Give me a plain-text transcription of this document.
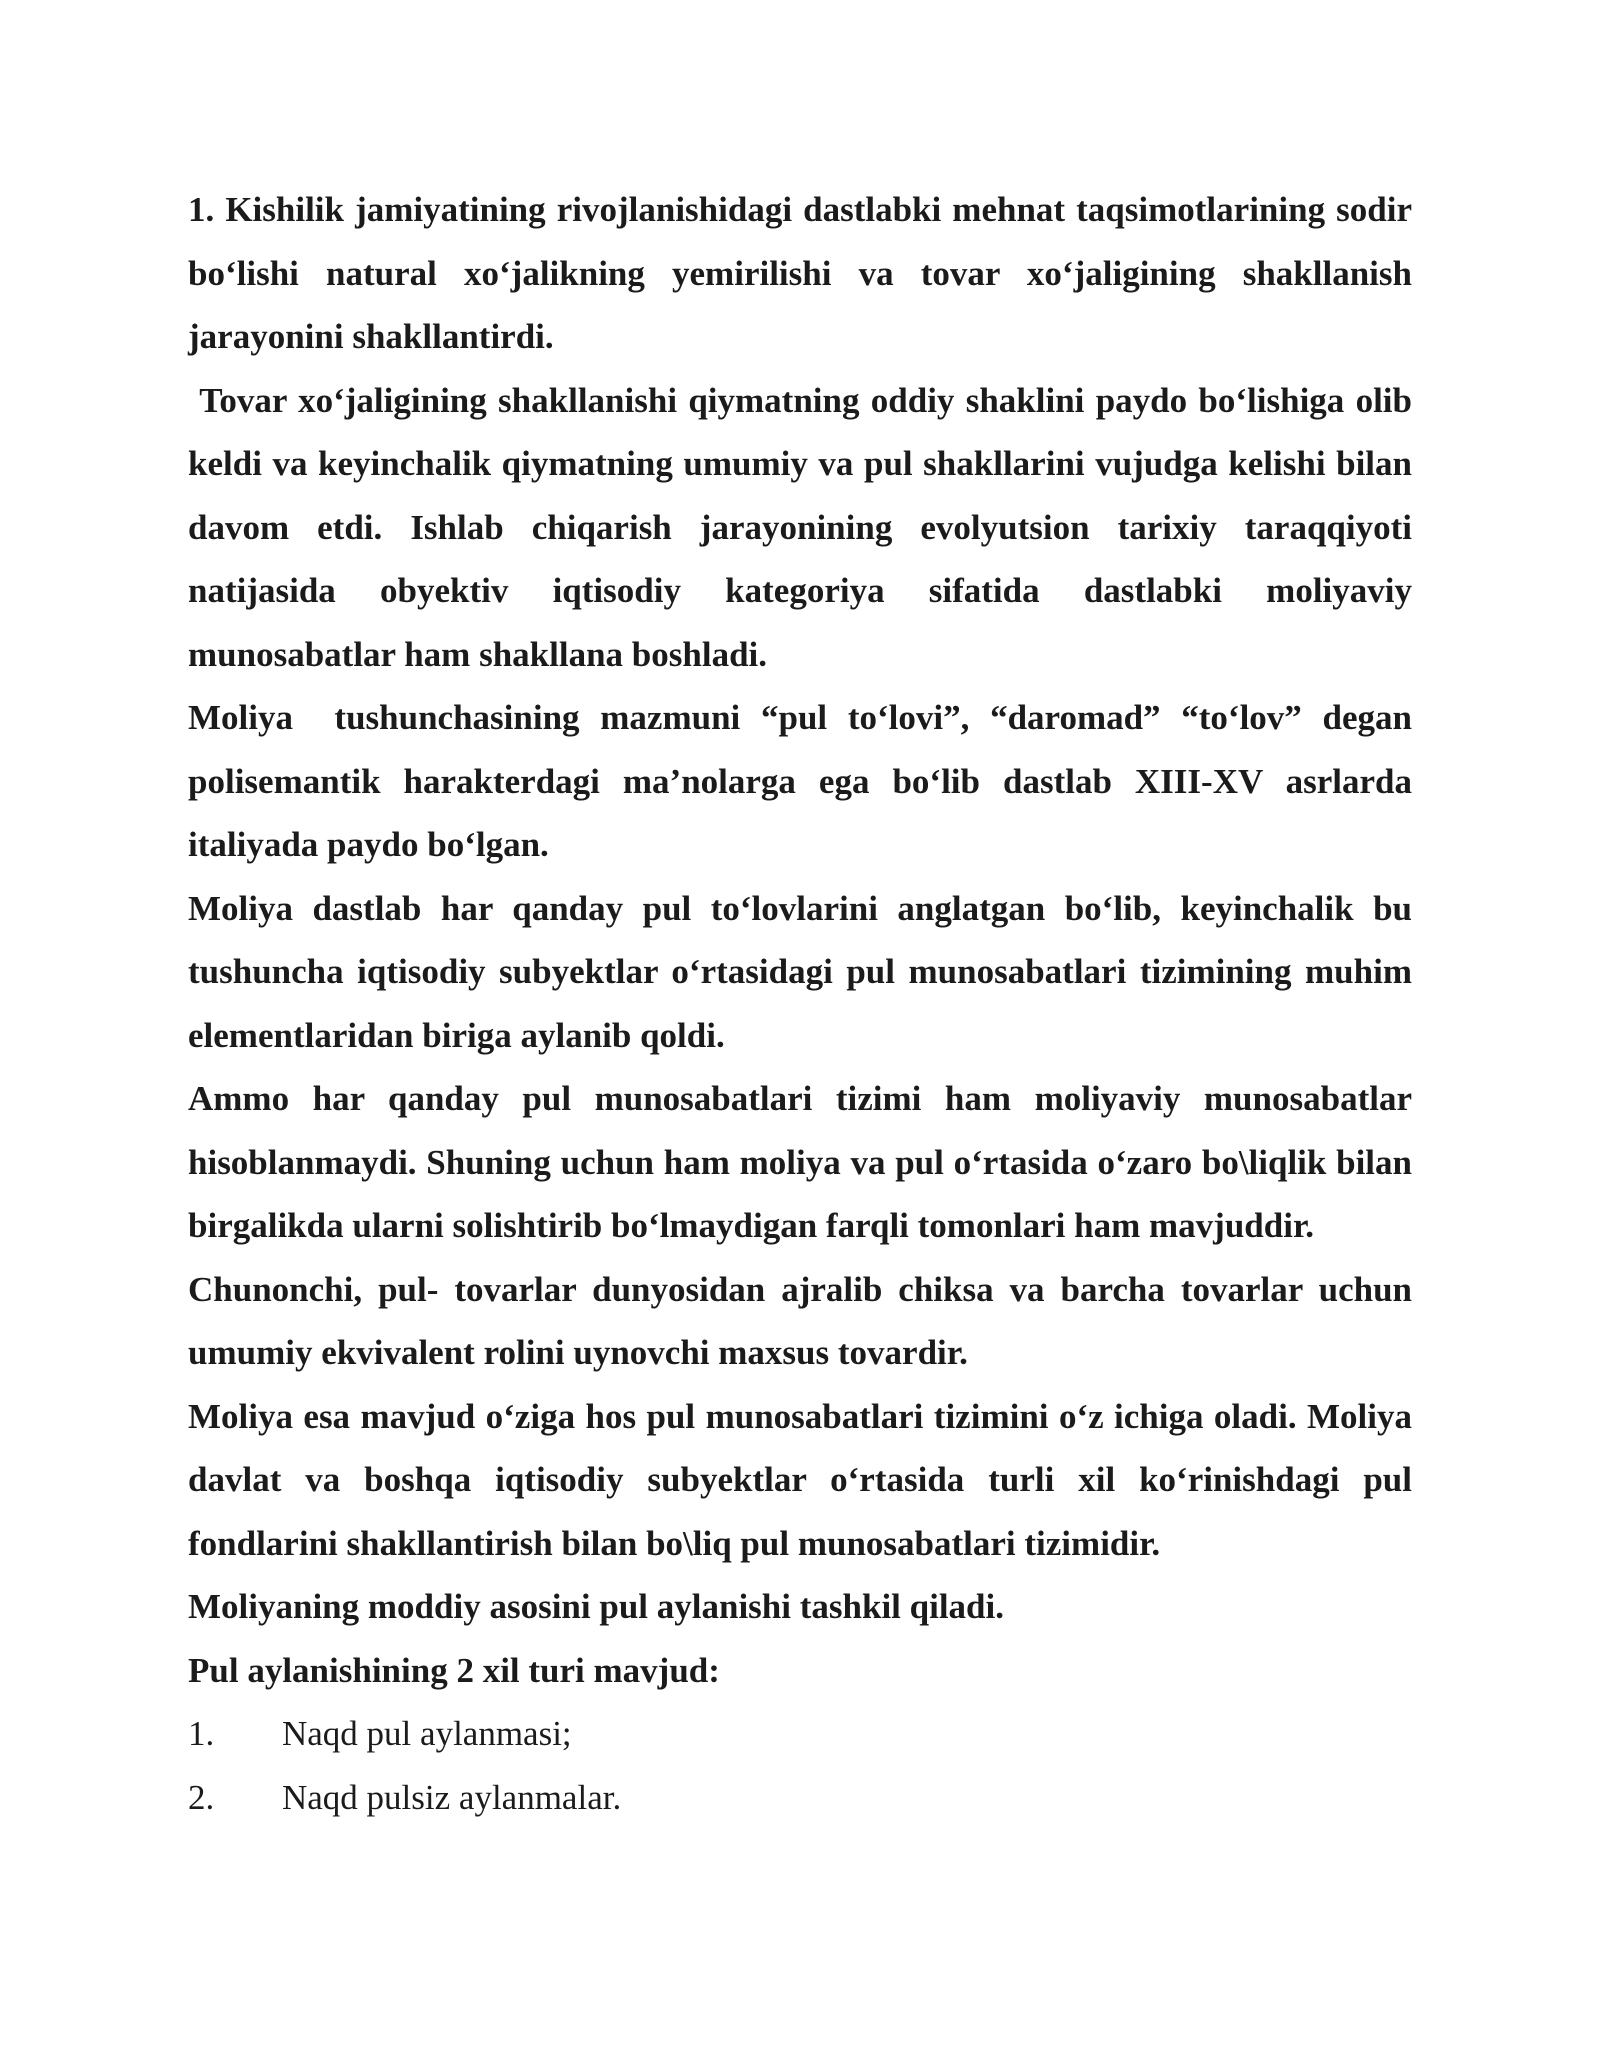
1. Kishilik jamiyatining rivojlanishidagi dastlabki mehnat taqsimotlarining sodir bo‘lishi natural xo‘jalikning yemirilishi va tovar xo‘jaligining shakllanish jarayonini shakllantirdi.

Tovar xo‘jaligining shakllanishi qiymatning oddiy shaklini paydo bo‘lishiga olib keldi va keyinchalik qiymatning umumiy va pul shakllarini vujudga kelishi bilan davom etdi. Ishlab chiqarish jarayonining evolyutsion tarixiy taraqqiyoti natijasida obyektiv iqtisodiy kategoriya sifatida dastlabki moliyaviy munosabatlar ham shakllana boshladi.

Moliya  tushunchasining mazmuni “pul to‘lovi”, “daromad” “to‘lov” degan polisemantik harakterdagi ma’nolarga ega bo‘lib dastlab XIII-XV asrlarda italiyada paydo bo‘lgan.

Moliya dastlab har qanday pul to‘lovlarini anglatgan bo‘lib, keyinchalik bu tushuncha iqtisodiy subyektlar o‘rtasidagi pul munosabatlari tizimining muhim elementlaridan biriga aylanib qoldi.

Ammo har qanday pul munosabatlari tizimi ham moliyaviy munosabatlar hisoblanmaydi. Shuning uchun ham moliya va pul o‘rtasida o‘zaro bo\liqlik bilan birgalikda ularni solishtirib bo‘lmaydigan farqli tomonlari ham mavjuddir.

Chunonchi, pul- tovarlar dunyosidan ajralib chiksa va barcha tovarlar uchun umumiy ekvivalent rolini uynovchi maxsus tovardir.

Moliya esa mavjud o‘ziga hos pul munosabatlari tizimini o‘z ichiga oladi. Moliya davlat va boshqa iqtisodiy subyektlar o‘rtasida turli xil ko‘rinishdagi pul fondlarini shakllantirish bilan bo\liq pul munosabatlari tizimidir.

Moliyaning moddiy asosini pul aylanishi tashkil qiladi.

Pul aylanishining 2 xil turi mavjud:

1.	Naqd pul aylanmasi;
2.	Naqd pulsiz aylanmalar.
